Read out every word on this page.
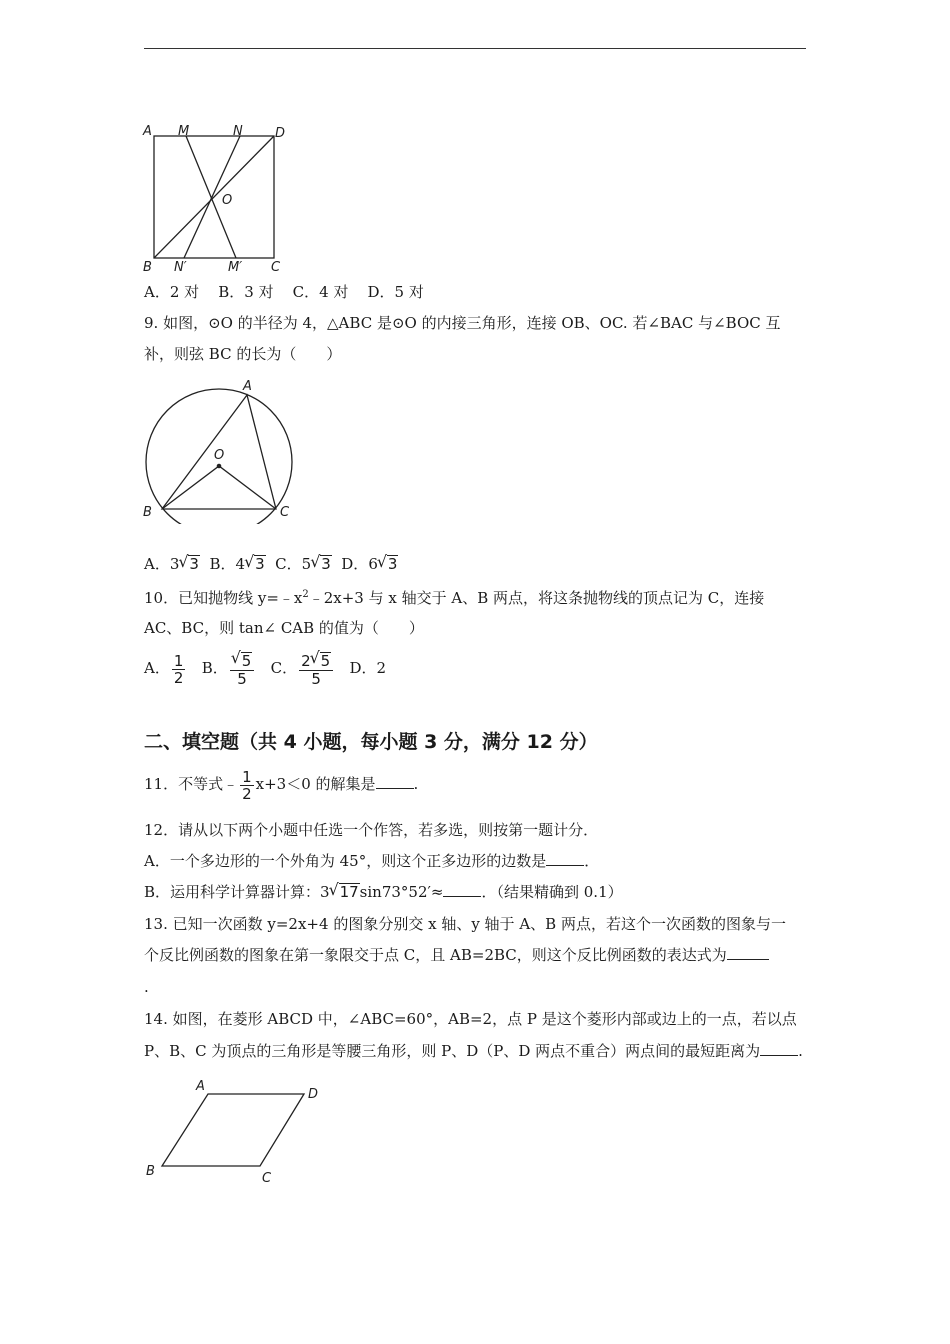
A M	N D
O
B N′	M′ C
A．2 对 B．3 对 C．4 对 D．5 对
9. 如图，⊙O 的半径为 4，△ABC 是⊙O 的内接三角形，连接 OB、OC. 若∠BAC 与∠BOC 互
补，则弦 BC 的长为（　　）
A
O
B	C
A．3 √ 3 B．4 √ 3 C．5 √ 3 D．6 √ 3
10．已知抛物线 $y=﹣x^2﹣2x+3$ 与 x 轴交于 A、B 两点，将这条抛物线的顶点记为 C，连接
AC、BC，则 tan∠ CAB 的值为（　　）
A． $\frac{1}{2}$ B． √ $\frac{5}{5}$ C． $\frac{2 √ 5}{5}$ D．2
二、填空题（共 4 小题，每小题 3 分，满分 12 分）
11．不等式﹣ $\frac{1}{2} x+3<0$ 的解集是	.
12．请从以下两个小题中任选一个作答，若多选，则按第一题计分．
A．一个多边形的一个外角为 45°，则这个正多边形的边数是	．
B．运用科学计算器计算：3 √ 17sin73°52′≈	．（结果精确到 0.1）
13. 已知一次函数 y=2x+4 的图象分别交 x 轴、y 轴于 A、B 两点，若这个一次函数的图象与一
个反比例函数的图象在第一象限交于点 C，且 AB=2BC，则这个反比例函数的表达式为
.
14. 如图，在菱形 ABCD 中，∠ABC=60°，AB=2，点 P 是这个菱形内部或边上的一点，若以点
P、B、C 为顶点的三角形是等腰三角形，则 P、D（P、D 两点不重合）两点间的最短距离为	.
A
D
B	C
